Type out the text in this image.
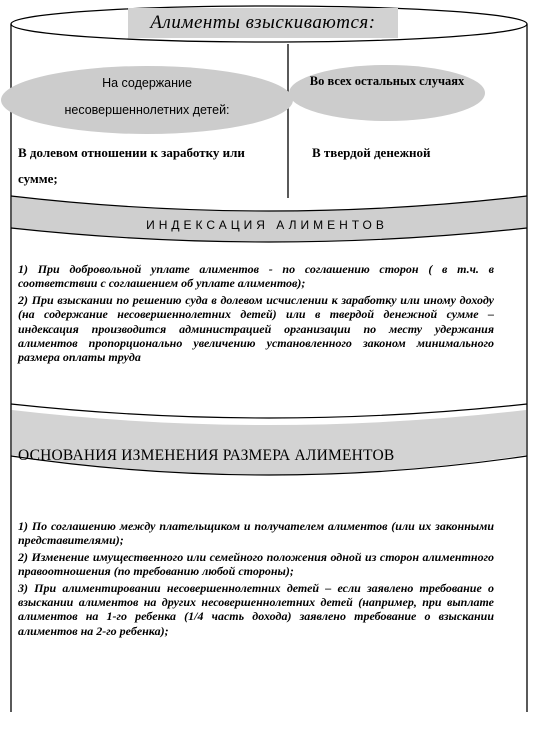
Алименты взыскиваются:
На содержание
несовершеннолетних детей:
Во всех остальных случаях
В долевом отношении к заработку или
сумме;
В твердой денежной
ИНДЕКСАЦИЯ АЛИМЕНТОВ

1) При добровольной уплате алиментов - по соглашению сторон ( в т.ч. в соответствии с соглашением об уплате алиментов);

2) При взыскании по решению суда в долевом исчислении к заработку или иному доходу (на содержание несовершеннолетних детей) или в твердой денежной сумме – индексация производится администрацией организации по месту удержания алиментов пропорционально увеличению установленного законом минимального размера оплаты труда

ОСНОВАНИЯ ИЗМЕНЕНИЯ РАЗМЕРА АЛИМЕНТОВ

1) По соглашению между плательщиком и получателем алиментов (или их законными представителями);

2) Изменение имущественного или семейного положения одной из сторон алиментного правоотношения (по требованию любой стороны);

3) При алиментировании несовершеннолетних детей – если заявлено требование о взыскании алиментов на других несовершеннолетних детей (например, при выплате алиментов на 1-го ребенка (1/4 часть дохода) заявлено требование о взыскании алиментов на 2-го ребенка);
